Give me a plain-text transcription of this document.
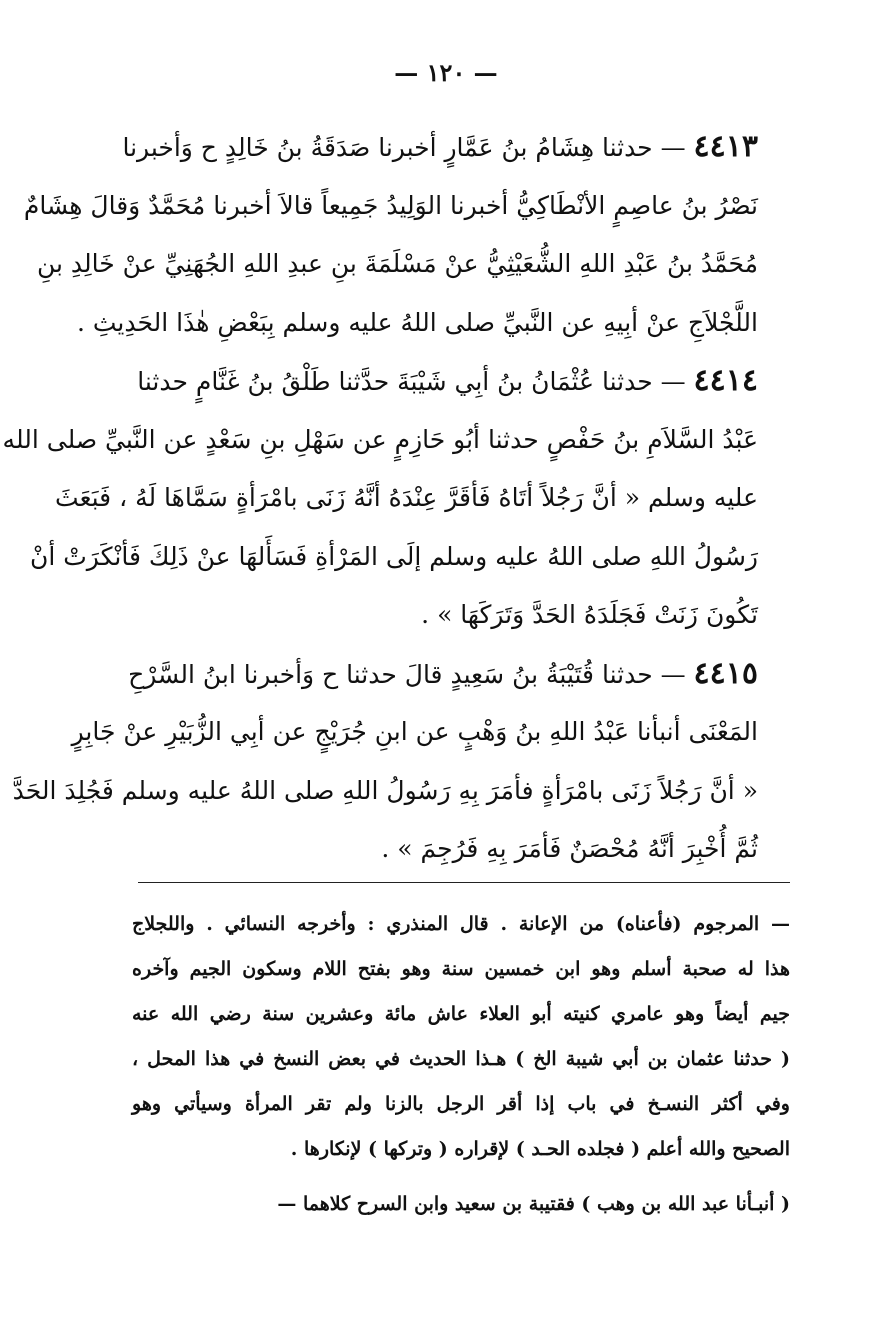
— ١٢٠ —
٤٤١٣ — حدثنا هِشَامُ بنُ عَمَّارٍ أخبرنا صَدَقَةُ بنُ خَالِدٍ ح وَأخبرنا
نَصْرُ بنُ عاصِمٍ الأنْطَاكِيُّ أخبرنا الوَلِيدُ جَمِيعاً قالاَ أخبرنا مُحَمَّدٌ وَقالَ هِشَامٌ
مُحَمَّدُ بنُ عَبْدِ اللهِ الشُّعَيْثِيُّ عنْ مَسْلَمَةَ بنِ عبدِ اللهِ الجُهَنِيِّ عنْ خَالِدِ بنِ
اللَّجْلاَجِ عنْ أبِيهِ عن النَّبيِّ صلى اللهُ عليه وسلم بِبَعْضِ هٰذَا الحَدِيثِ .
٤٤١٤ — حدثنا عُثْمَانُ بنُ أبِي شَيْبَةَ حدَّثنا طَلْقُ بنُ غَنَّامٍ حدثنا
عَبْدُ السَّلاَمِ بنُ حَفْصٍ حدثنا أبُو حَازِمٍ عن سَهْلِ بنِ سَعْدٍ عن النَّبيِّ صلى الله
عليه وسلم « أنَّ رَجُلاً أتَاهُ فَأقَرَّ عِنْدَهُ أنَّهُ زَنَى بامْرَأةٍ سَمَّاهَا لَهُ ، فَبَعَثَ
رَسُولُ اللهِ صلى اللهُ عليه وسلم إلَى المَرْأةِ فَسَأَلهَا عنْ ذَلِكَ فَأنْكَرَتْ أنْ
تَكُونَ زَنَتْ فَجَلَدَهُ الحَدَّ وَتَرَكَهَا » .
٤٤١٥ — حدثنا قُتَيْبَةُ بنُ سَعِيدٍ قالَ حدثنا ح وَأخبرنا ابنُ السَّرْحِ
المَعْنَى أنبأنا عَبْدُ اللهِ بنُ وَهْبٍ عن ابنِ جُرَيْجٍ عن أبِي الزُّبَيْرِ عنْ جَابِرٍ
« أنَّ رَجُلاً زَنَى بامْرَأةٍ فأمَرَ بِهِ رَسُولُ اللهِ صلى اللهُ عليه وسلم فَجُلِدَ الحَدَّ
ثُمَّ أُخْبِرَ أنَّهُ مُحْصَنٌ فَأمَرَ بِهِ فَرُجِمَ » .
— المرجوم (فأعناه) من الإعانة . قال المنذري : وأخرجه النسائي . واللجلاج
هذا له صحبة أسلم وهو ابن خمسين سنة وهو بفتح اللام وسكون الجيم وآخره
جيم أيضاً وهو عامري كنيته أبو العلاء عاش مائة وعشرين سنة رضي الله عنه
( حدثنا عثمان بن أبي شيبة الخ ) هـذا الحديث في بعض النسخ في هذا المحل ،
وفي أكثر النسـخ في باب إذا أقر الرجل بالزنا ولم تقر المرأة وسيأتي وهو
الصحيح والله أعلم ( فجلده الحـد ) لإقراره ( وتركها ) لإنكارها .
( أنبـأنا عبد الله بن وهب ) فقتيبة بن سعيد وابن السرح كلاهما —
